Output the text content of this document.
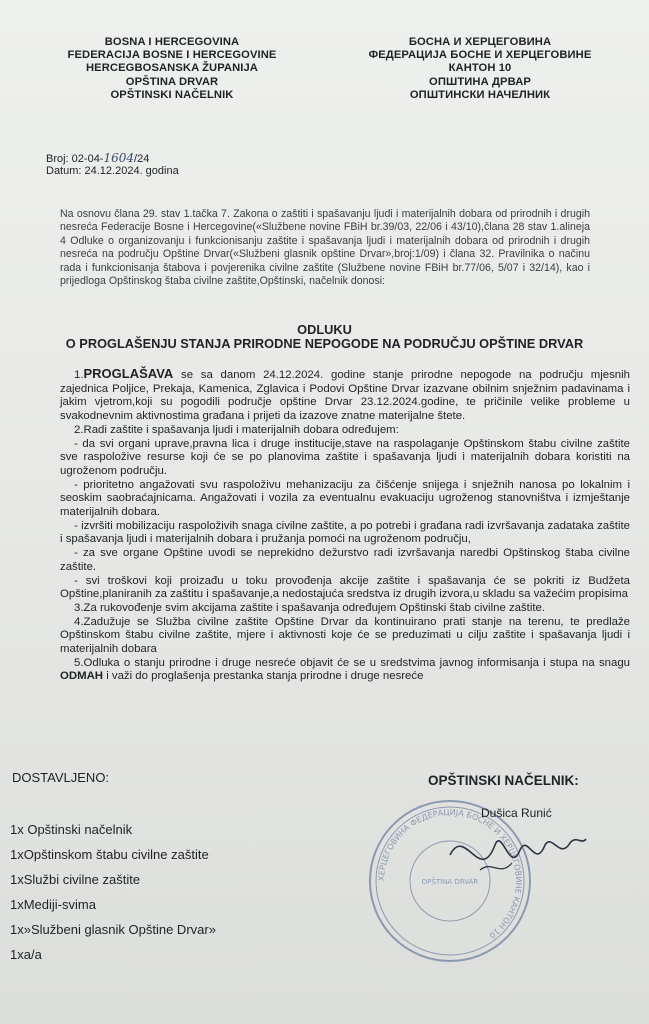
BOSNA I HERCEGOVINA
FEDERACIJA BOSNE I HERCEGOVINE
HERCEGBOSANSKA ŽUPANIJA
OPŠTINA DRVAR
OPŠTINSKI NAČELNIK
БОСНА И ХЕРЦЕГОВИНА
ФЕДЕРАЦИЈА БОСНЕ И ХЕРЦЕГОВИНЕ
КАНТОН 10
ОПШТИНА ДРВАР
ОПШТИНСКИ НАЧЕЛНИК
Broj: 02-04-1604/24
Datum: 24.12.2024. godina
Na osnovu člana 29. stav 1.tačka 7. Zakona o zaštiti i spašavanju ljudi i materijalnih dobara od prirodnih i drugih nesreća Federacije Bosne i Hercegovine(«Službene novine FBiH br.39/03, 22/06 i 43/10),člana 28 stav 1.alineja 4 Odluke o organizovanju i funkcionisanju zaštite i spašavanja ljudi i materijalnih dobara od prirodnih i drugih nesreća na području Opštine Drvar(«Službeni glasnik opštine Drvar»,broj:1/09) i člana 32. Pravilnika o načinu rada i funkcionisanja štabova i povjerenika civilne zaštite (Službene novine FBiH br.77/06, 5/07 i 32/14), kao i prijedloga Opštinskog štaba civilne zaštite,Opštinski, načelnik donosi:
ODLUKU
O PROGLAŠENJU STANJA PRIRODNE NEPOGODE NA PODRUČJU OPŠTINE DRVAR

1.PROGLAŠAVA se sa danom 24.12.2024. godine stanje prirodne nepogode na području mjesnih zajednica Poljice, Prekaja, Kamenica, Zglavica i Podovi Opštine Drvar izazvane obilnim snježnim padavinama i jakim vjetrom,koji su pogodili područje opštine Drvar 23.12.2024.godine, te pričinile velike probleme u svakodnevnim aktivnostima građana i prijeti da izazove znatne materijalne štete.

2.Radi zaštite i spašavanja ljudi i materijalnih dobara određujem:

- da svi organi uprave,pravna lica i druge institucije,stave na raspolaganje Opštinskom štabu civilne zaštite sve raspoložive resurse koji će se po planovima zaštite i spašavanja ljudi i materijalnih dobara koristiti na ugroženom području.

- prioritetno angažovati svu raspoloživu mehanizaciju za čišćenje snijega i snježnih nanosa po lokalnim i seoskim saobraćajnicama. Angažovati i vozila za eventualnu evakuaciju ugroženog stanovništva i izmještanje materijalnih dobara.

- izvršiti mobilizaciju raspoloživih snaga civilne zaštite, a po potrebi i građana radi izvršavanja zadataka zaštite i spašavanja ljudi i materijalnih dobara i pružanja pomoći na ugroženom području,

- za sve organe Opštine uvodi se neprekidno dežurstvo radi izvršavanja naredbi Opštinskog štaba civilne zaštite.

- svi troškovi koji proizađu u toku provođenja akcije zaštite i spašavanja će se pokriti iz Budžeta Opštine,planiranih za zaštitu i spašavanje,a nedostajuća sredstva iz drugih izvora,u skladu sa važećim propisima

3.Za rukovođenje svim akcijama zaštite i spašavanja određujem Opštinski štab civilne zaštite.

4.Zadužuje se Služba civilne zaštite Opštine Drvar da kontinuirano prati stanje na terenu, te predlaže Opštinskom štabu civilne zaštite, mjere i aktivnosti koje će se preduzimati u cilju zaštite i spašavanja ljudi i materijalnih dobara

5.Odluka o stanju prirodne i druge nesreće objavit će se u sredstvima javnog informisanja i stupa na snagu ODMAH i važi do proglašenja prestanka stanja prirodne i druge nesreće

DOSTAVLJENO:
1x Opštinski načelnik
1xOpštinskom štabu civilne zaštite
1xSlužbi civilne zaštite
1xMediji-svima
1x»Službeni glasnik Opštine Drvar»
1xa/a
OPŠTINSKI NAČELNIK:
ХЕРЦЕГОВИНА ФЕДЕРАЦИЈА БОСНЕ И ХЕРЦЕГОВИНЕ КАНТОН 10
OPŠTINA DRVAR
Dušica Runić
